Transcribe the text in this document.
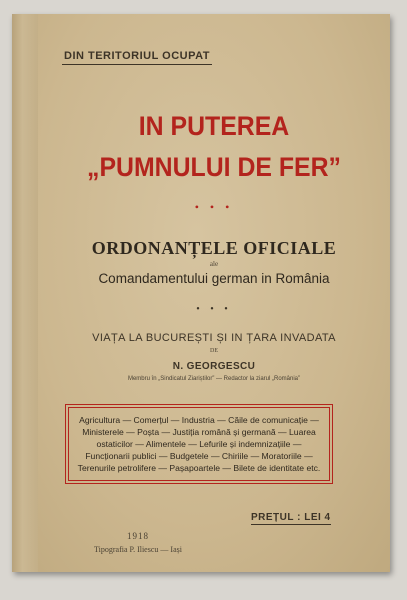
DIN TERITORIUL OCUPAT
IN PUTEREA
„PUMNULUI DE FER”
• • •
ORDONANȚELE OFICIALE
ale
Comandamentului german in România
• • •
VIAȚA LA BUCUREȘTI ȘI IN ȚARA INVADATA
DE
N. GEORGESCU
Membru în „Sindicatul Ziariștilor” — Redactor la ziarul „România”

Agricultura — Comerțul — Industria — Căile de comunicație — Ministerele — Poșta — Justiția română și germană — Luarea ostaticilor — Alimentele — Lefurile și indemnizațiile — Funcționarii publici — Budgetele — Chiriile — Moratoriile — Terenurile petrolifere — Pașapoartele — Bilete de identitate etc.

PREȚUL : LEI 4
1918
Tipografia P. Iliescu — Iași
